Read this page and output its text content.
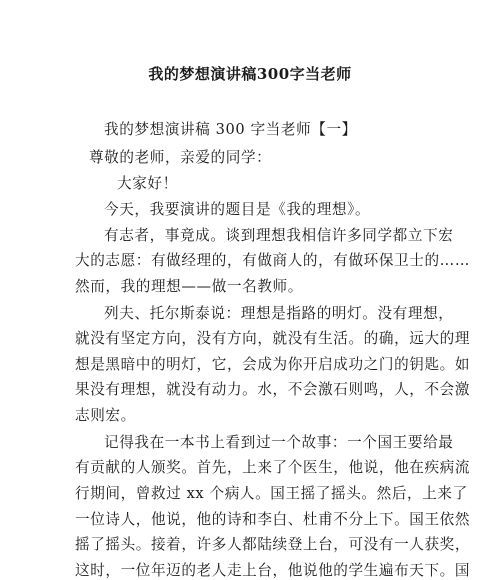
我的梦想演讲稿300字当老师
我的梦想演讲稿 300 字当老师【一】
尊敬的老师，亲爱的同学：
大家好！
今天，我要演讲的题目是《我的理想》。
有志者，事竟成。谈到理想我相信许多同学都立下宏
大的志愿：有做经理的，有做商人的，有做环保卫士的……
然而，我的理想——做一名教师。
列夫、托尔斯泰说：理想是指路的明灯。没有理想，
就没有坚定方向，没有方向，就没有生活。的确，远大的理
想是黑暗中的明灯，它，会成为你开启成功之门的钥匙。如
果没有理想，就没有动力。水，不会激石则鸣，人，不会激
志则宏。
记得我在一本书上看到过一个故事：一个国王要给最
有贡献的人颁奖。首先，上来了个医生，他说，他在疾病流
行期间，曾救过 xx 个病人。国王摇了摇头。然后，上来了
一位诗人，他说，他的诗和李白、杜甫不分上下。国王依然
摇了摇头。接着，许多人都陆续登上台，可没有一人获奖，
这时，一位年迈的老人走上台，他说他的学生遍布天下。国
